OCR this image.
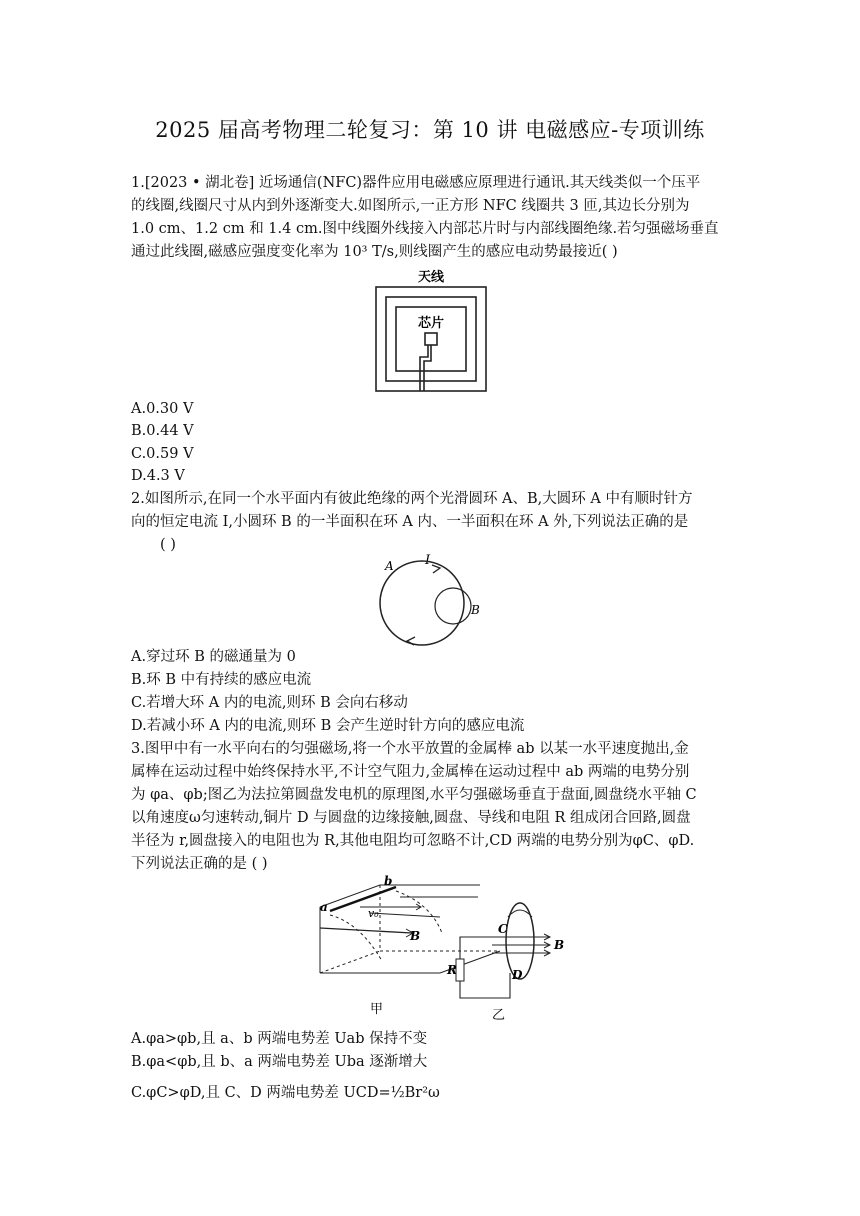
2025 届高考物理二轮复习：第 10 讲 电磁感应-专项训练
1.[2023 • 湖北卷] 近场通信(NFC)器件应用电磁感应原理进行通讯.其天线类似一个压平
的线圈,线圈尺寸从内到外逐渐变大.如图所示,一正方形 NFC 线圈共 3 匝,其边长分别为
1.0 cm、1.2 cm 和 1.4 cm.图中线圈外线接入内部芯片时与内部线圈绝缘.若匀强磁场垂直
通过此线圈,磁感应强度变化率为 10³ T/s,则线圈产生的感应电动势最接近( )
天线
芯片
A.0.30 V
B.0.44 V
C.0.59 V
D.4.3 V
2.如图所示,在同一个水平面内有彼此绝缘的两个光滑圆环 A、B,大圆环 A 中有顺时针方
向的恒定电流 I,小圆环 B 的一半面积在环 A 内、一半面积在环 A 外,下列说法正确的是
( )
A I
B
A.穿过环 B 的磁通量为 0
B.环 B 中有持续的感应电流
C.若增大环 A 内的电流,则环 B 会向右移动
D.若减小环 A 内的电流,则环 B 会产生逆时针方向的感应电流
3.图甲中有一水平向右的匀强磁场,将一个水平放置的金属棒 ab 以某一水平速度抛出,金
属棒在运动过程中始终保持水平,不计空气阻力,金属棒在运动过程中 ab 两端的电势分别
为 φa、φb;图乙为法拉第圆盘发电机的原理图,水平匀强磁场垂直于盘面,圆盘绕水平轴 C
以角速度ω匀速转动,铜片 D 与圆盘的边缘接触,圆盘、导线和电阻 R 组成闭合回路,圆盘
半径为 r,圆盘接入的电阻也为 R,其他电阻均可忽略不计,CD 两端的电势分别为φC、φD.
下列说法正确的是 ( )
a
b
v₀
B
甲
R
C
D
B
乙
A.φa>φb,且 a、b 两端电势差 Uab 保持不变
B.φa<φb,且 b、a 两端电势差 Uba 逐渐增大
C.φC>φD,且 C、D 两端电势差 UCD=½Br²ω
